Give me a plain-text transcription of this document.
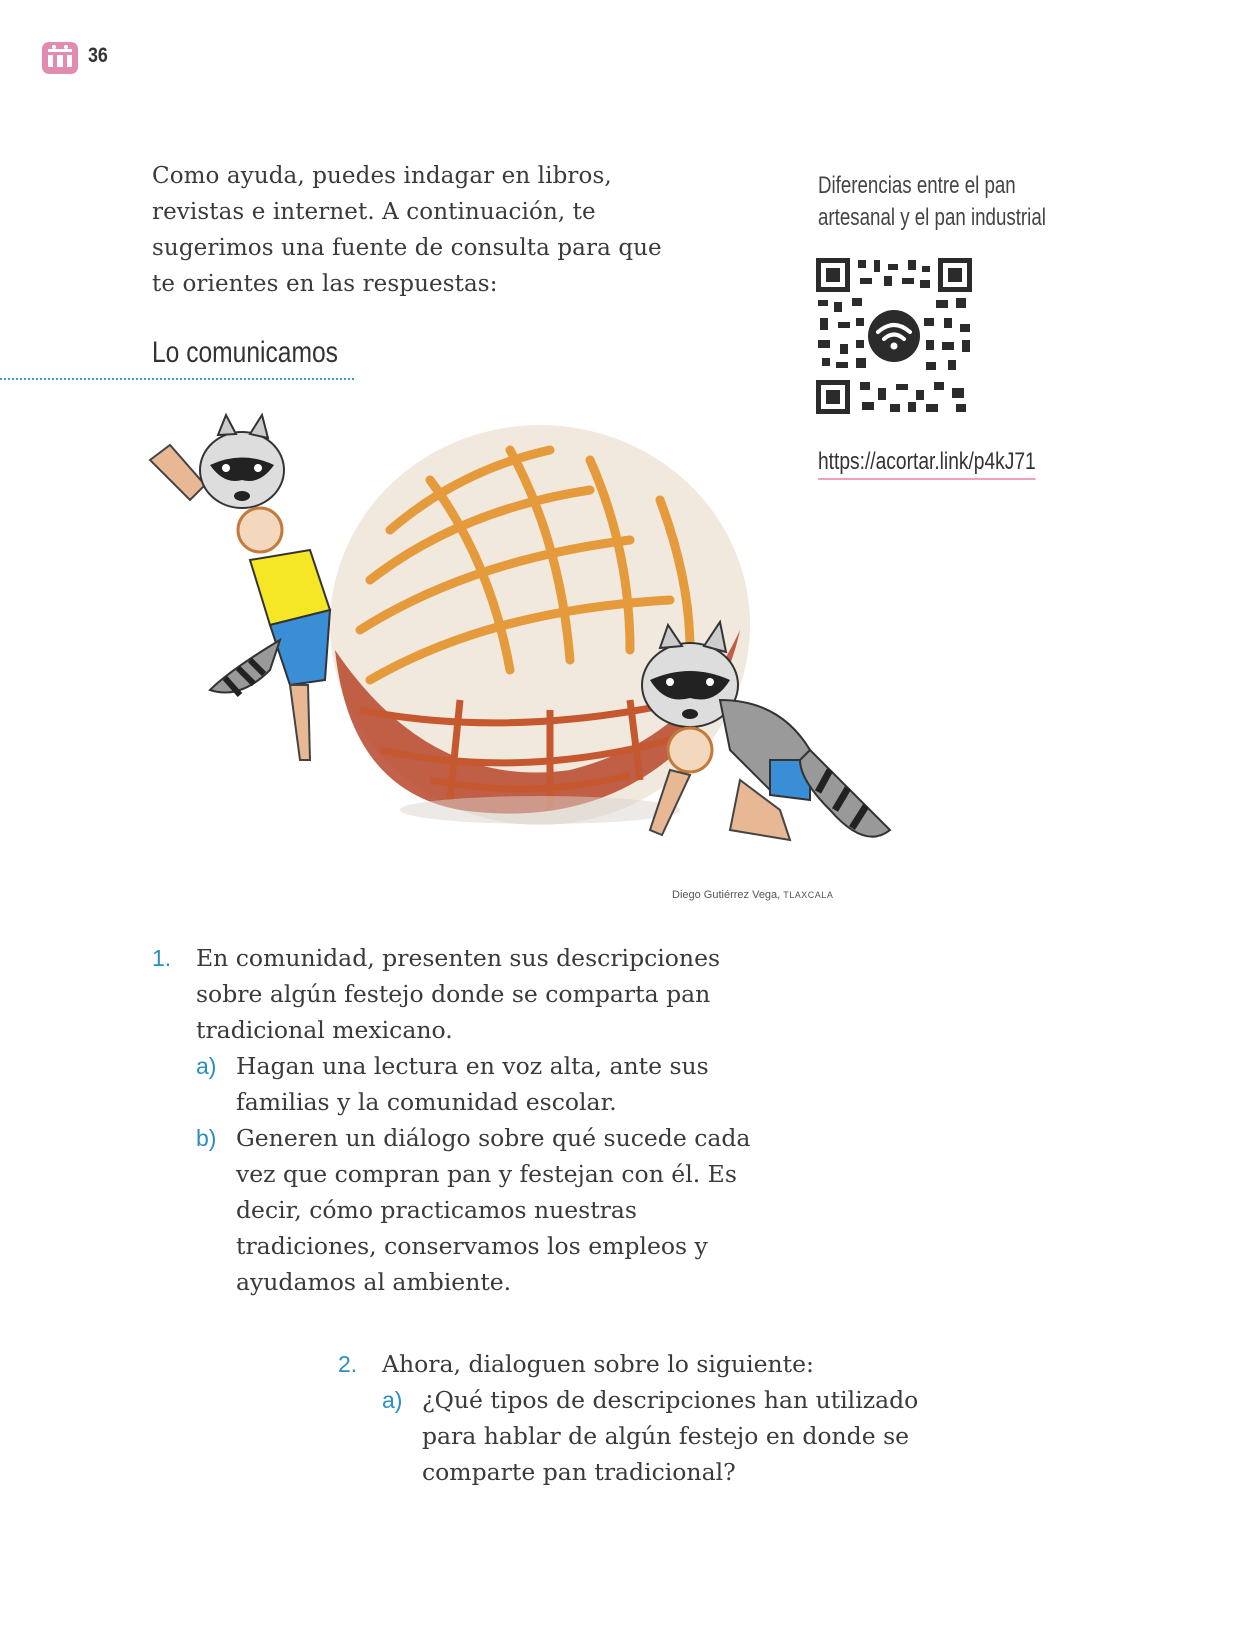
36

Como ayuda, puedes indagar en libros, revistas e internet. A continuación, te sugerimos una fuente de consulta para que te orientes en las respuestas:

Lo comunicamos
Diferencias entre el pan artesanal y el pan industrial
https://acortar.link/p4kJ71
Diego Gutiérrez Vega, TLAXCALA
1. En comunidad, presenten sus descripciones sobre algún festejo donde se comparta pan tradicional mexicano.
a) Hagan una lectura en voz alta, ante sus familias y la comunidad escolar.
b) Generen un diálogo sobre qué sucede cada vez que compran pan y festejan con él. Es decir, cómo practicamos nuestras tradiciones, conservamos los empleos y ayudamos al ambiente.
2. Ahora, dialoguen sobre lo siguiente:
a) ¿Qué tipos de descripciones han utilizado para hablar de algún festejo en donde se comparte pan tradicional?
